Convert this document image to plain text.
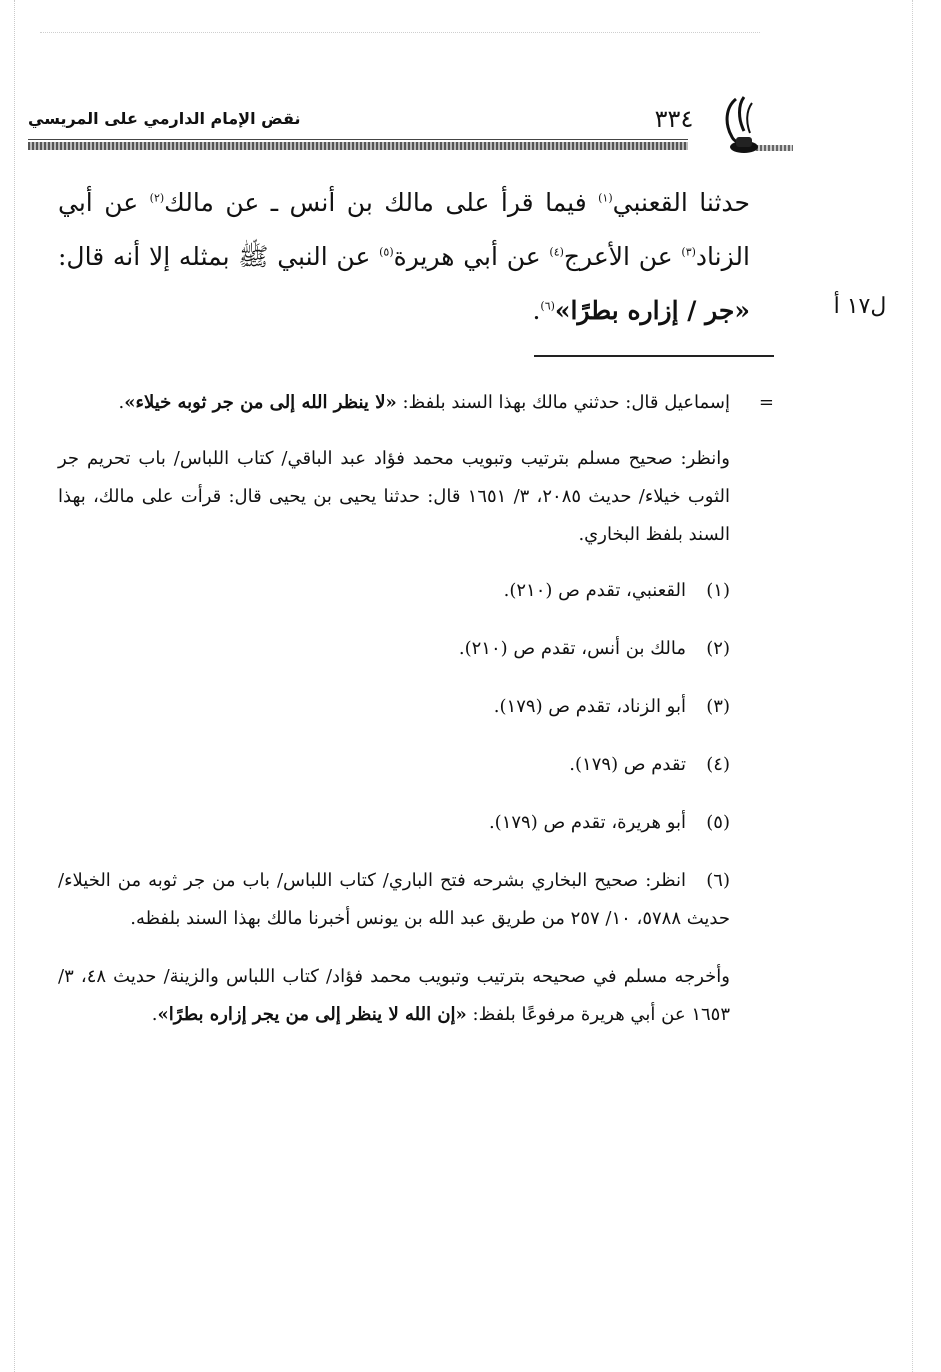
نقض الإمام الدارمي على المريسي	٣٣٤

حدثنا القعنبي$^{(١)}$ فيما قرأ على مالك بن أنس ـ عن مالك$^{(٢)}$ عن أبي الزناد$^{(٣)}$ عن الأعرج$^{(٤)}$ عن أبي هريرة$^{(٥)}$ عن النبي ﷺ بمثله إلا أنه قال: «جر / إزاره بطرًا»$^{(٦)}$.	ل١٧ أ

=
إسماعيل قال: حدثني مالك بهذا السند بلفظ: «لا ينظر الله إلى من جر ثوبه خيلاء».

وانظر: صحيح مسلم بترتيب وتبويب محمد فؤاد عبد الباقي/ كتاب اللباس/ باب تحريم جر الثوب خيلاء/ حديث ٢٠٨٥، ٣/ ١٦٥١ قال: حدثنا يحيى بن يحيى قال: قرأت على مالك، بهذا السند بلفظ البخاري.

(١)القعنبي، تقدم ص (٢١٠).

(٢)مالك بن أنس، تقدم ص (٢١٠).

(٣)أبو الزناد، تقدم ص (١٧٩).

(٤)تقدم ص (١٧٩).

(٥)أبو هريرة، تقدم ص (١٧٩).

(٦)انظر: صحيح البخاري بشرحه فتح الباري/ كتاب اللباس/ باب من جر ثوبه من الخيلاء/ حديث ٥٧٨٨، ١٠/ ٢٥٧ من طريق عبد الله بن يونس أخبرنا مالك بهذا السند بلفظه.

وأخرجه مسلم في صحيحه بترتيب وتبويب محمد فؤاد/ كتاب اللباس والزينة/ حديث ٤٨، ٣/ ١٦٥٣ عن أبي هريرة مرفوعًا بلفظ: «إن الله لا ينظر إلى من يجر إزاره بطرًا».
